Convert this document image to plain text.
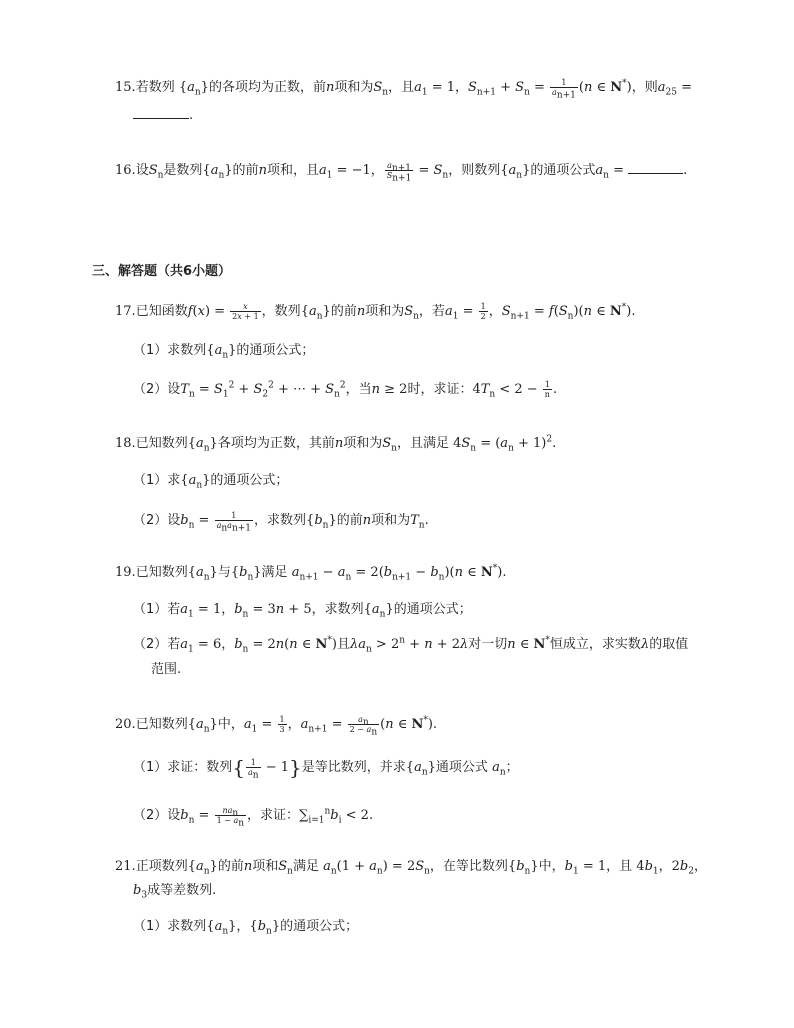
15.若数列 $\{a_n\}$的各项均为正数，前n项和为$S_n$，且$a_1 = 1$，$S_{n+1} + S_n = \frac{1}{a_{n+1}} (n$ ∈ N*)，则$a_{25}$ =
.
16.设$S_n$是数列$\{a_n\}$的前n项和，且$a_1 = -1$， $\frac{a_{n+1}}{S_{n+1}} = S_n$，则数列$\{a_n\}$的通项公式$a_n$ =	.
三、解答题（共6小题）
17.已知函数$f(x) = \frac{x}{2x + 1}$ ，数列$\{a_n\}$的前n项和为$S_n$，若$a_1 = \frac{1}{2}$ ，$S_{n+1} = f(S_n)(n$ ∈ N*).
（1）求数列$\{a_n\}$的通项公式；
（2）设$T_n = S_1^2 + S_2^2$ + ⋯ + $S_n^2$，当n ≥ 2时，求证：$4T_n < 2 - \frac{1}{n}$ .
18.已知数列$\{a_n\}$各项均为正数，其前n项和为$S_n$，且满足 $4S_n = (a_n + 1)^2$.
（1）求$\{a_n\}$的通项公式；
（2）设$b_n = \frac{1}{a_na_{n+1}}$ ，求数列$\{b_n\}$的前n项和为$T_n$.
19.已知数列$\{a_n\}$与$\{b_n\}$满足 $a_{n+1} - a_n = 2(b_{n+1} - b_n)(n$ ∈ N*).
（1）若$a_1 = 1$，$b_n = 3n + 5$，求数列$\{a_n\}$的通项公式；
（2）若$a_1 = 6$，$b_n = 2n(n$ ∈ N*)且$\lambda a_n > 2^n + n + 2\lambda$对一切n ∈ N*恒成立，求实数λ的取值
范围.
20.已知数列$\{a_n\}$中，$a_1 = \frac{1}{3}$ ，$a_{n+1} = \frac{a_n}{2 - a_n} (n$ ∈ N*).
（1）求证：数列{ $\frac{1}{a_n} - 1$}是等比数列，并求$\{a_n\}$通项公式 $a_n$；
（2）设$b_n = \frac{na_n}{1 - a_n}$ ，求证：$\sum_{i=1}^nb_i < 2$.
21.正项数列$\{a_n\}$的前n项和$S_n$满足 $a_n(1 + a_n) = 2S_n$，在等比数列$\{b_n\}$中，$b_1 = 1$，且 $4b_1$，$2b_2$，
$b_3$成等差数列.
（1）求数列$\{a_n\}$，$\{b_n\}$的通项公式；
